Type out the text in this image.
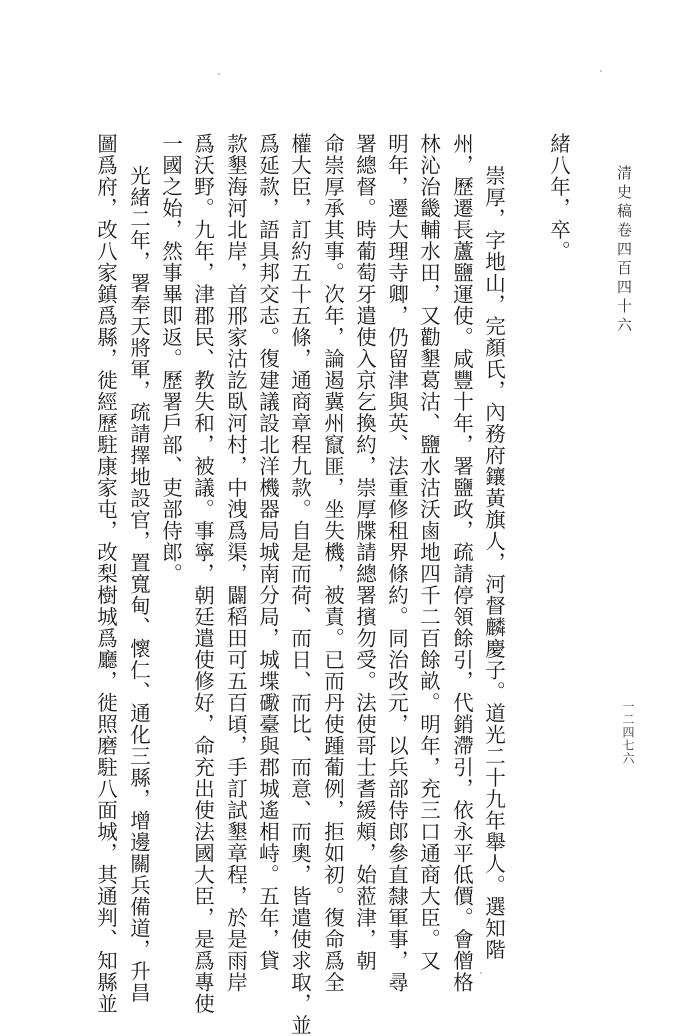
清史稿卷四百四十六
一二四七六
緒八年，卒。
崇厚，字地山，完顏氏，內務府鑲黃旗人，河督麟慶子。道光二十九年舉人。選知階
州，歷遷長蘆鹽運使。咸豐十年，署鹽政，疏請停領餘引，代銷滯引，依永平低價。會僧格
林沁治畿輔水田，又勸墾葛沽、鹽水沽沃鹵地四千二百餘畝。明年，充三口通商大臣。又
明年，遷大理寺卿，仍留津與英、法重修租界條約。同治改元，以兵部侍郎參直隸軍事，尋
署總督。時葡萄牙遣使入京乞換約，崇厚牒請總署擯勿受。法使哥士耆緩頰，始蒞津，朝
命崇厚承其事。次年，論遏冀州竄匪，坐失機，被責。已而丹使踵葡例，拒如初。復命爲全
權大臣，訂約五十五條，通商章程九款。自是而荷、而日、而比、而意、而奧，皆遣使求取，並
爲延款，語具邦交志。復建議設北洋機器局城南分局，城堞礮臺與郡城遙相峙。五年，貸
款墾海河北岸，首邢家沽訖臥河村，中洩爲渠，闢稻田可五百頃，手訂試墾章程，於是雨岸
爲沃野。九年，津郡民、教失和，被議。事寧，朝廷遣使修好，命充出使法國大臣，是爲專使
一國之始，然事畢即返。歷署戶部、吏部侍郎。
光緒二年，署奉天將軍，疏請擇地設官，置寬甸、懷仁、通化三縣，增邊關兵備道，升昌
圖爲府，改八家鎮爲縣，徙經歷駐康家屯，改梨樹城爲廳，徙照磨駐八面城，其通判、知縣並
